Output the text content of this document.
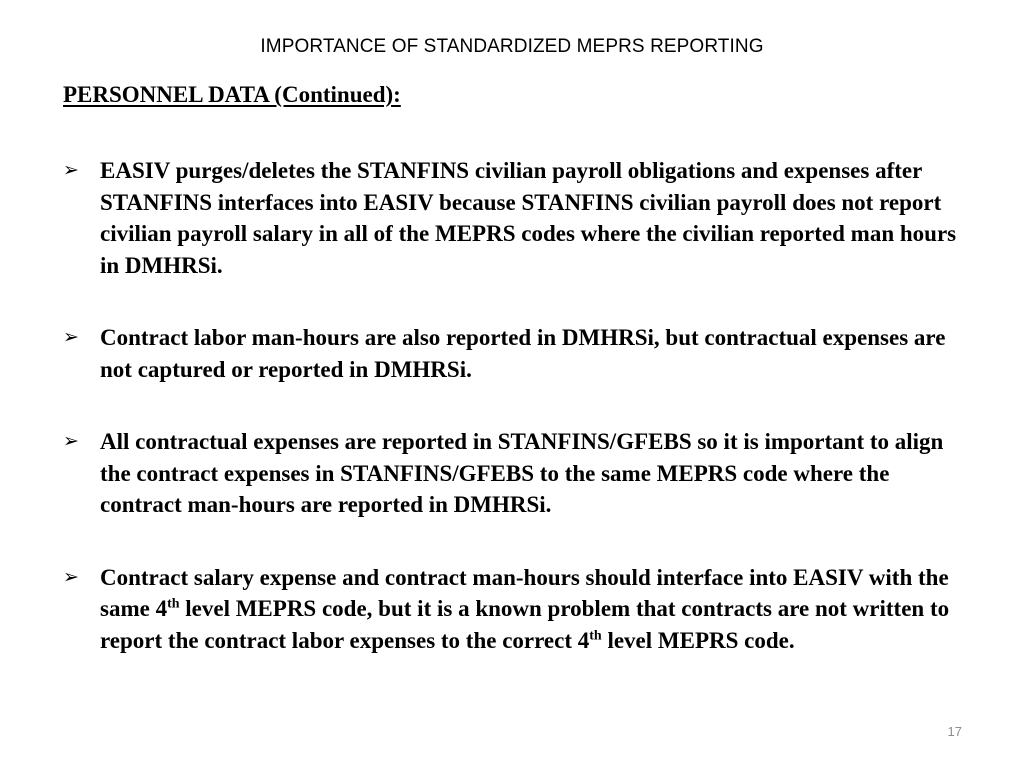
IMPORTANCE OF STANDARDIZED MEPRS REPORTING
PERSONNEL DATA (Continued):
➢ EASIV purges/deletes the STANFINS civilian payroll obligations and expenses after STANFINS interfaces into EASIV because STANFINS civilian payroll does not report civilian payroll salary in all of the MEPRS codes where the civilian reported man hours in DMHRSi.
➢ Contract labor man-hours are also reported in DMHRSi, but contractual expenses are not captured or reported in DMHRSi.
➢ All contractual expenses are reported in STANFINS/GFEBS so it is important to align the contract expenses in STANFINS/GFEBS to the same MEPRS code where the contract man-hours are reported in DMHRSi.
➢ Contract salary expense and contract man-hours should interface into EASIV with the same 4th level MEPRS code, but it is a known problem that contracts are not written to report the contract labor expenses to the correct 4th level MEPRS code.
17
